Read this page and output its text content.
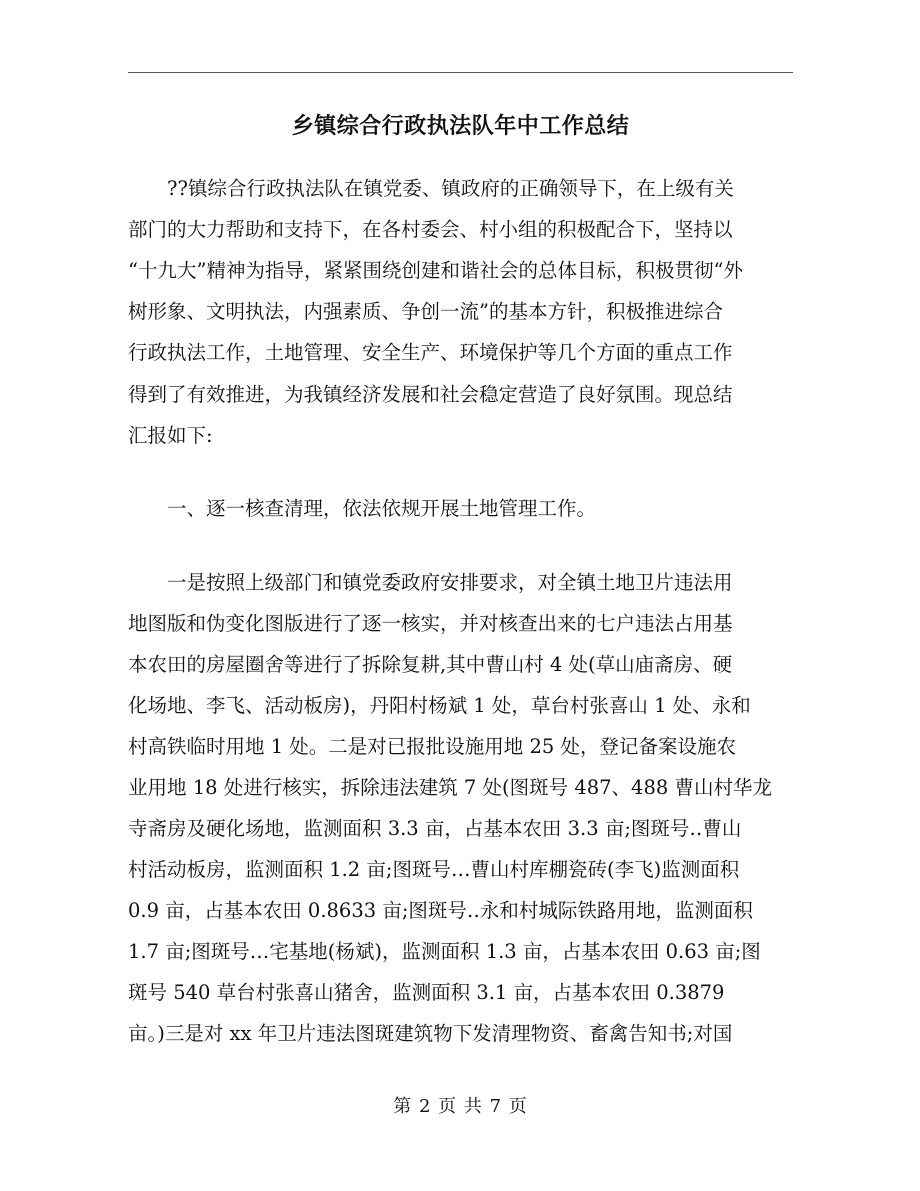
乡镇综合行政执法队年中工作总结
　　??镇综合行政执法队在镇党委、镇政府的正确领导下，在上级有关
部门的大力帮助和支持下，在各村委会、村小组的积极配合下，坚持以
“十九大”精神为指导，紧紧围绕创建和谐社会的总体目标，积极贯彻“外
树形象、文明执法，内强素质、争创一流”的基本方针，积极推进综合
行政执法工作，土地管理、安全生产、环境保护等几个方面的重点工作
得到了有效推进，为我镇经济发展和社会稳定营造了良好氛围。现总结
汇报如下:
　　一、逐一核查清理，依法依规开展土地管理工作。
　　一是按照上级部门和镇党委政府安排要求，对全镇土地卫片违法用
地图版和伪变化图版进行了逐一核实，并对核查出来的七户违法占用基
本农田的房屋圈舍等进行了拆除复耕,其中曹山村 4 处(草山庙斋房、硬
化场地、李飞、活动板房)，丹阳村杨斌 1 处，草台村张喜山 1 处、永和
村高铁临时用地 1 处。二是对已报批设施用地 25 处，登记备案设施农
业用地 18 处进行核实，拆除违法建筑 7 处(图斑号 487、488 曹山村华龙
寺斋房及硬化场地，监测面积 3.3 亩，占基本农田 3.3 亩;图斑号‥曹山
村活动板房，监测面积 1.2 亩;图斑号…曹山村库棚瓷砖(李飞)监测面积
0.9 亩，占基本农田 0.8633 亩;图斑号‥永和村城际铁路用地，监测面积
1.7 亩;图斑号…宅基地(杨斌)，监测面积 1.3 亩，占基本农田 0.63 亩;图
斑号 540 草台村张喜山猪舍，监测面积 3.1 亩，占基本农田 0.3879
亩。)三是对 xx 年卫片违法图斑建筑物下发清理物资、畜禽告知书;对国
第 2 页 共 7 页
